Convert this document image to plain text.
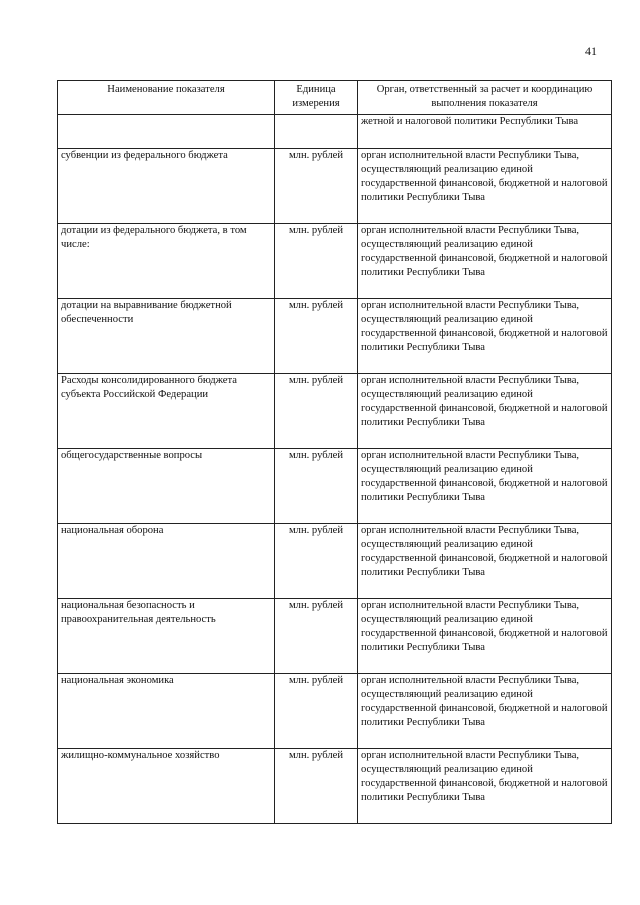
41
Наименование показателя	Единица измерения	Орган, ответственный за расчет и координацию выполнения показателя
		жетной и налоговой политики Республики Тыва
субвенции из федерального бюджета	млн. рублей	орган исполнительной власти Республики Тыва, осуществляющий реализацию единой государственной финансовой, бюджетной и налоговой политики Республики Тыва
дотации из федерального бюджета, в том числе:	млн. рублей	орган исполнительной власти Республики Тыва, осуществляющий реализацию единой государственной финансовой, бюджетной и налоговой политики Республики Тыва
дотации на выравнивание бюджетной обеспеченности	млн. рублей	орган исполнительной власти Республики Тыва, осуществляющий реализацию единой государственной финансовой, бюджетной и налоговой политики Республики Тыва
Расходы консолидированного бюджета субъекта Российской Федерации	млн. рублей	орган исполнительной власти Республики Тыва, осуществляющий реализацию единой государственной финансовой, бюджетной и налоговой политики Республики Тыва
общегосударственные вопросы	млн. рублей	орган исполнительной власти Республики Тыва, осуществляющий реализацию единой государственной финансовой, бюджетной и налоговой политики Республики Тыва
национальная оборона	млн. рублей	орган исполнительной власти Республики Тыва, осуществляющий реализацию единой государственной финансовой, бюджетной и налоговой политики Республики Тыва
национальная безопасность и правоохранительная деятельность	млн. рублей	орган исполнительной власти Республики Тыва, осуществляющий реализацию единой государственной финансовой, бюджетной и налоговой политики Республики Тыва
национальная экономика	млн. рублей	орган исполнительной власти Республики Тыва, осуществляющий реализацию единой государственной финансовой, бюджетной и налоговой политики Республики Тыва
жилищно-коммунальное хозяйство	млн. рублей	орган исполнительной власти Республики Тыва, осуществляющий реализацию единой государственной финансовой, бюджетной и налоговой политики Республики Тыва
